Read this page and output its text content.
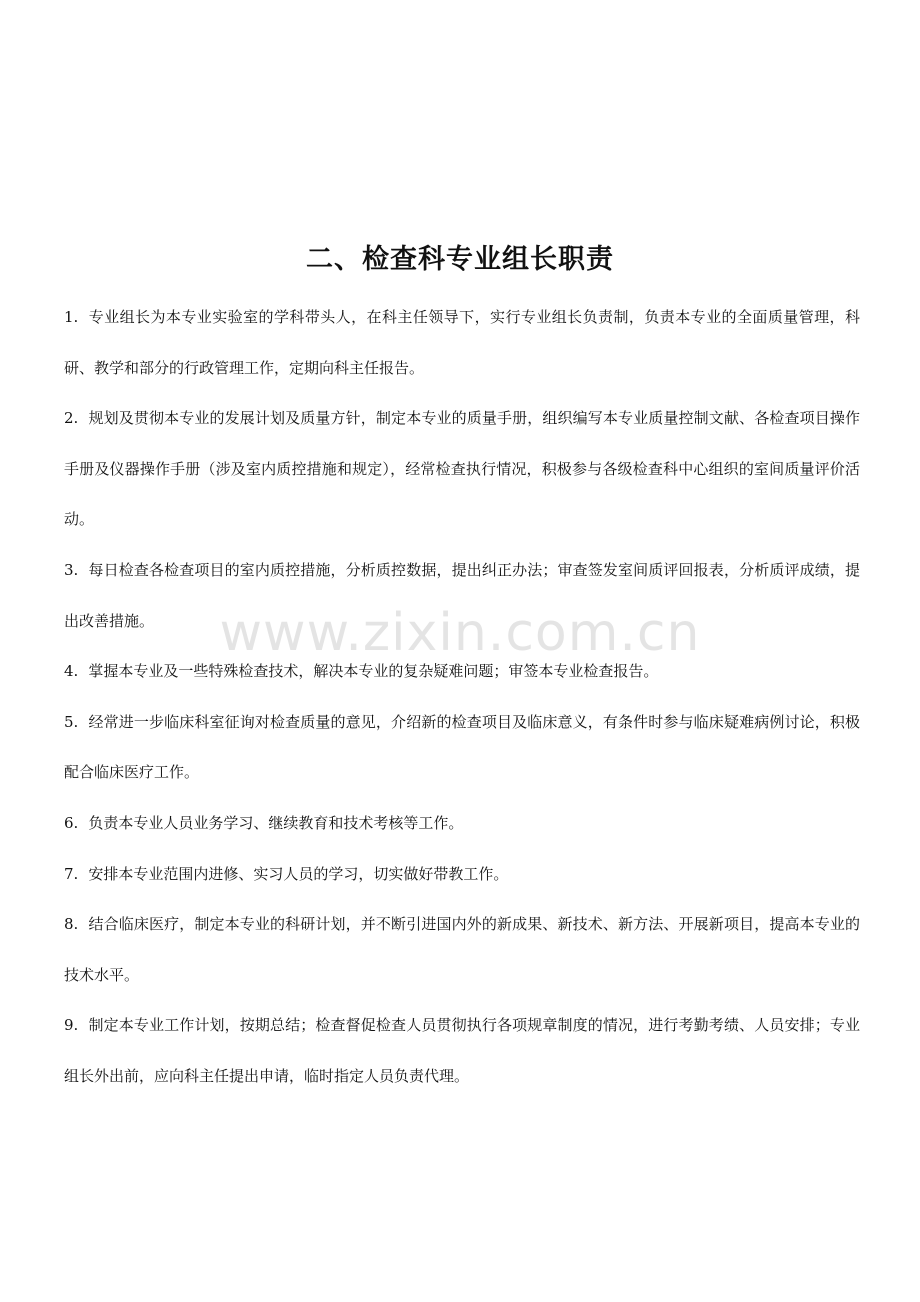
二、检查科专业组长职责

1. 专业组长为本专业实验室的学科带头人，在科主任领导下，实行专业组长负责制，负责本专业的全面质量管理，科研、教学和部分的行政管理工作，定期向科主任报告。

2. 规划及贯彻本专业的发展计划及质量方针，制定本专业的质量手册，组织编写本专业质量控制文献、各检查项目操作手册及仪器操作手册（涉及室内质控措施和规定），经常检查执行情况，积极参与各级检查科中心组织的室间质量评价活动。

3. 每日检查各检查项目的室内质控措施，分析质控数据，提出纠正办法；审查签发室间质评回报表，分析质评成绩，提出改善措施。

4. 掌握本专业及一些特殊检查技术，解决本专业的复杂疑难问题；审签本专业检查报告。

5. 经常进一步临床科室征询对检查质量的意见，介绍新的检查项目及临床意义，有条件时参与临床疑难病例讨论，积极配合临床医疗工作。

6. 负责本专业人员业务学习、继续教育和技术考核等工作。

7. 安排本专业范围内进修、实习人员的学习，切实做好带教工作。

8. 结合临床医疗，制定本专业的科研计划，并不断引进国内外的新成果、新技术、新方法、开展新项目，提高本专业的技术水平。

9. 制定本专业工作计划，按期总结；检查督促检查人员贯彻执行各项规章制度的情况，进行考勤考绩、人员安排；专业组长外出前，应向科主任提出申请，临时指定人员负责代理。

www.zixin.com.cn
